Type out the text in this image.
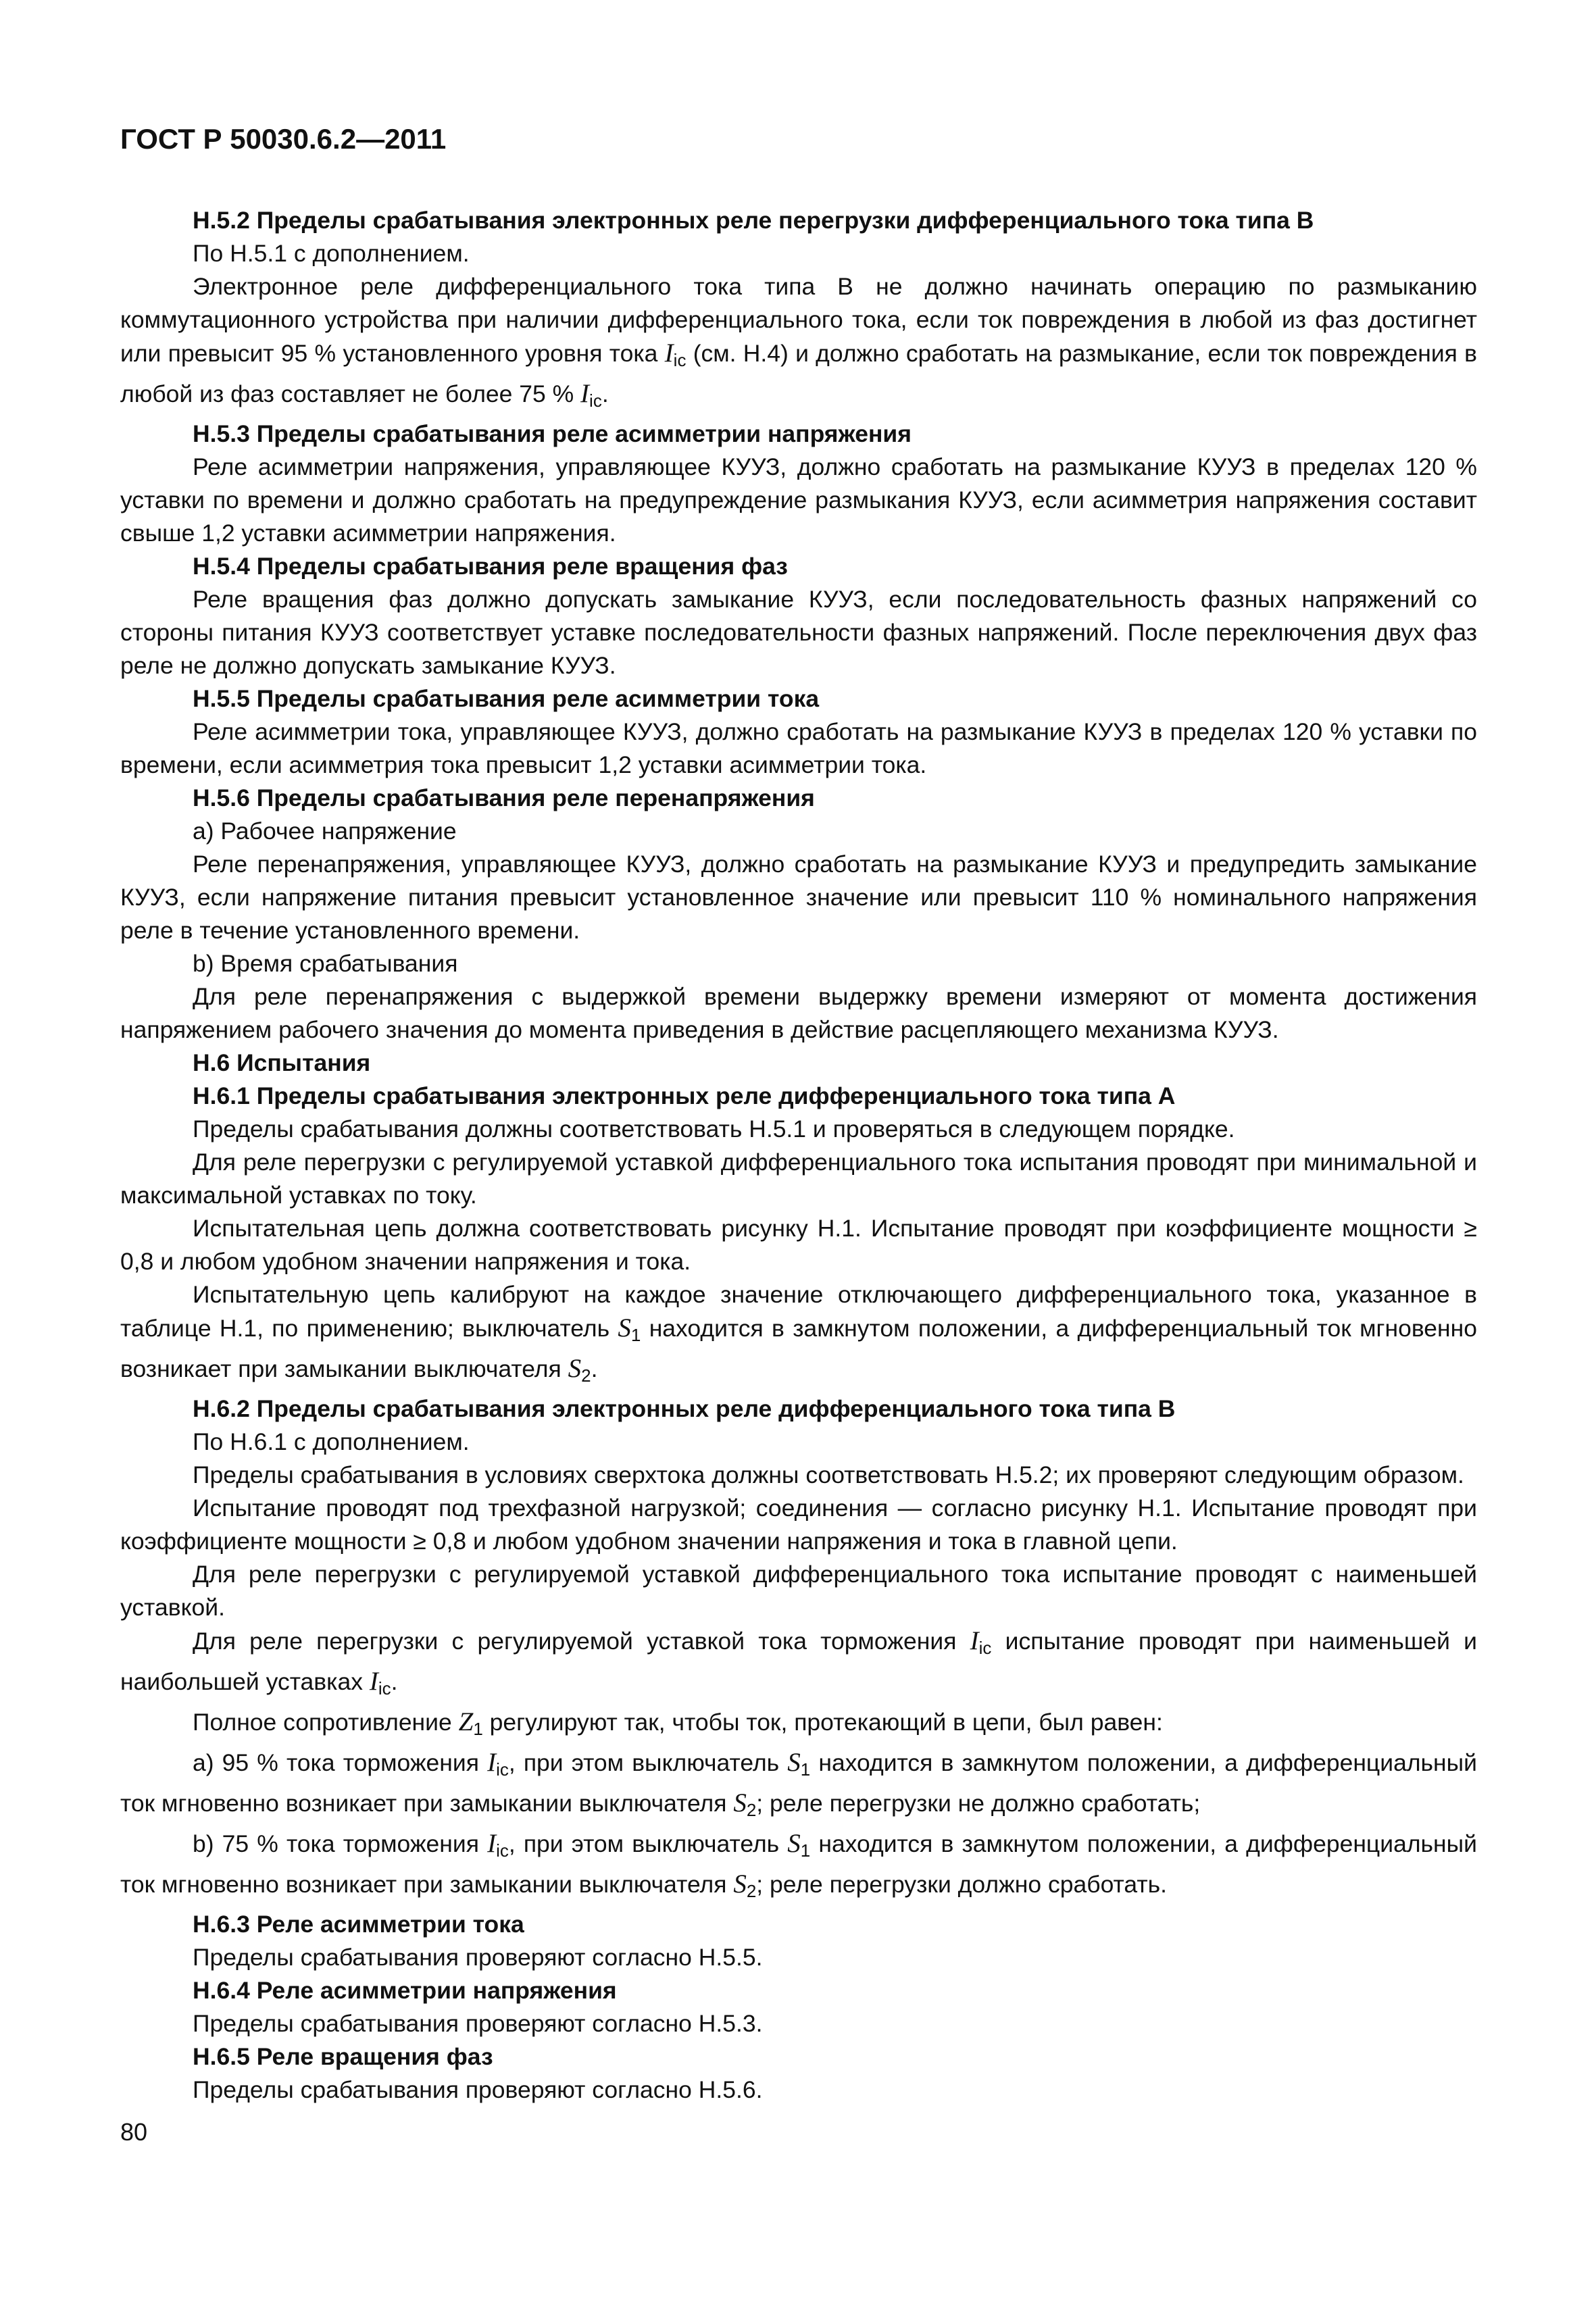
ГОСТ Р 50030.6.2—2011

Н.5.2 Пределы срабатывания электронных реле перегрузки дифференциального тока типа В

По Н.5.1 с дополнением.

Электронное реле дифференциального тока типа В не должно начинать операцию по размыканию коммутационного устройства при наличии дифференциального тока, если ток повреждения в любой из фаз достигнет или превысит 95 % установленного уровня тока $I_{ic}$ (см. Н.4) и должно сработать на размыкание, если ток повреждения в любой из фаз составляет не более 75 % $I_{ic}$.

Н.5.3 Пределы срабатывания реле асимметрии напряжения

Реле асимметрии напряжения, управляющее КУУЗ, должно сработать на размыкание КУУЗ в пределах 120 % уставки по времени и должно сработать на предупреждение размыкания КУУЗ, если асимметрия напряжения составит свыше 1,2 уставки асимметрии напряжения.

Н.5.4 Пределы срабатывания реле вращения фаз

Реле вращения фаз должно допускать замыкание КУУЗ, если последовательность фазных напряжений со стороны питания КУУЗ соответствует уставке последовательности фазных напряжений. После переключения двух фаз реле не должно допускать замыкание КУУЗ.

Н.5.5 Пределы срабатывания реле асимметрии тока

Реле асимметрии тока, управляющее КУУЗ, должно сработать на размыкание КУУЗ в пределах 120 % уставки по времени, если асимметрия тока превысит 1,2 уставки асимметрии тока.

Н.5.6 Пределы срабатывания реле перенапряжения

а) Рабочее напряжение

Реле перенапряжения, управляющее КУУЗ, должно сработать на размыкание КУУЗ и предупредить замыкание КУУЗ, если напряжение питания превысит установленное значение или превысит 110 % номинального напряжения реле в течение установленного времени.

b) Время срабатывания

Для реле перенапряжения с выдержкой времени выдержку времени измеряют от момента достижения напряжением рабочего значения до момента приведения в действие расцепляющего механизма КУУЗ.

Н.6 Испытания

Н.6.1 Пределы срабатывания электронных реле дифференциального тока типа А

Пределы срабатывания должны соответствовать Н.5.1 и проверяться в следующем порядке.

Для реле перегрузки с регулируемой уставкой дифференциального тока испытания проводят при минимальной и максимальной уставках по току.

Испытательная цепь должна соответствовать рисунку Н.1. Испытание проводят при коэффициенте мощности ≥ 0,8 и любом удобном значении напряжения и тока.

Испытательную цепь калибруют на каждое значение отключающего дифференциального тока, указанное в таблице Н.1, по применению; выключатель $S_1$ находится в замкнутом положении, а дифференциальный ток мгновенно возникает при замыкании выключателя $S_2$.

Н.6.2 Пределы срабатывания электронных реле дифференциального тока типа В

По Н.6.1 с дополнением.

Пределы срабатывания в условиях сверхтока должны соответствовать Н.5.2; их проверяют следующим образом.

Испытание проводят под трехфазной нагрузкой; соединения — согласно рисунку Н.1. Испытание проводят при коэффициенте мощности ≥ 0,8 и любом удобном значении напряжения и тока в главной цепи.

Для реле перегрузки с регулируемой уставкой дифференциального тока испытание проводят с наименьшей уставкой.

Для реле перегрузки с регулируемой уставкой тока торможения $I_{ic}$ испытание проводят при наименьшей и наибольшей уставках $I_{ic}$.

Полное сопротивление $Z_1$ регулируют так, чтобы ток, протекающий в цепи, был равен:

а) 95 % тока торможения $I_{ic}$, при этом выключатель $S_1$ находится в замкнутом положении, а дифференциальный ток мгновенно возникает при замыкании выключателя $S_2$; реле перегрузки не должно сработать;

b) 75 % тока торможения $I_{ic}$, при этом выключатель $S_1$ находится в замкнутом положении, а дифференциальный ток мгновенно возникает при замыкании выключателя $S_2$; реле перегрузки должно сработать.

Н.6.3 Реле асимметрии тока

Пределы срабатывания проверяют согласно Н.5.5.

Н.6.4 Реле асимметрии напряжения

Пределы срабатывания проверяют согласно Н.5.3.

Н.6.5 Реле вращения фаз

Пределы срабатывания проверяют согласно Н.5.6.

80
